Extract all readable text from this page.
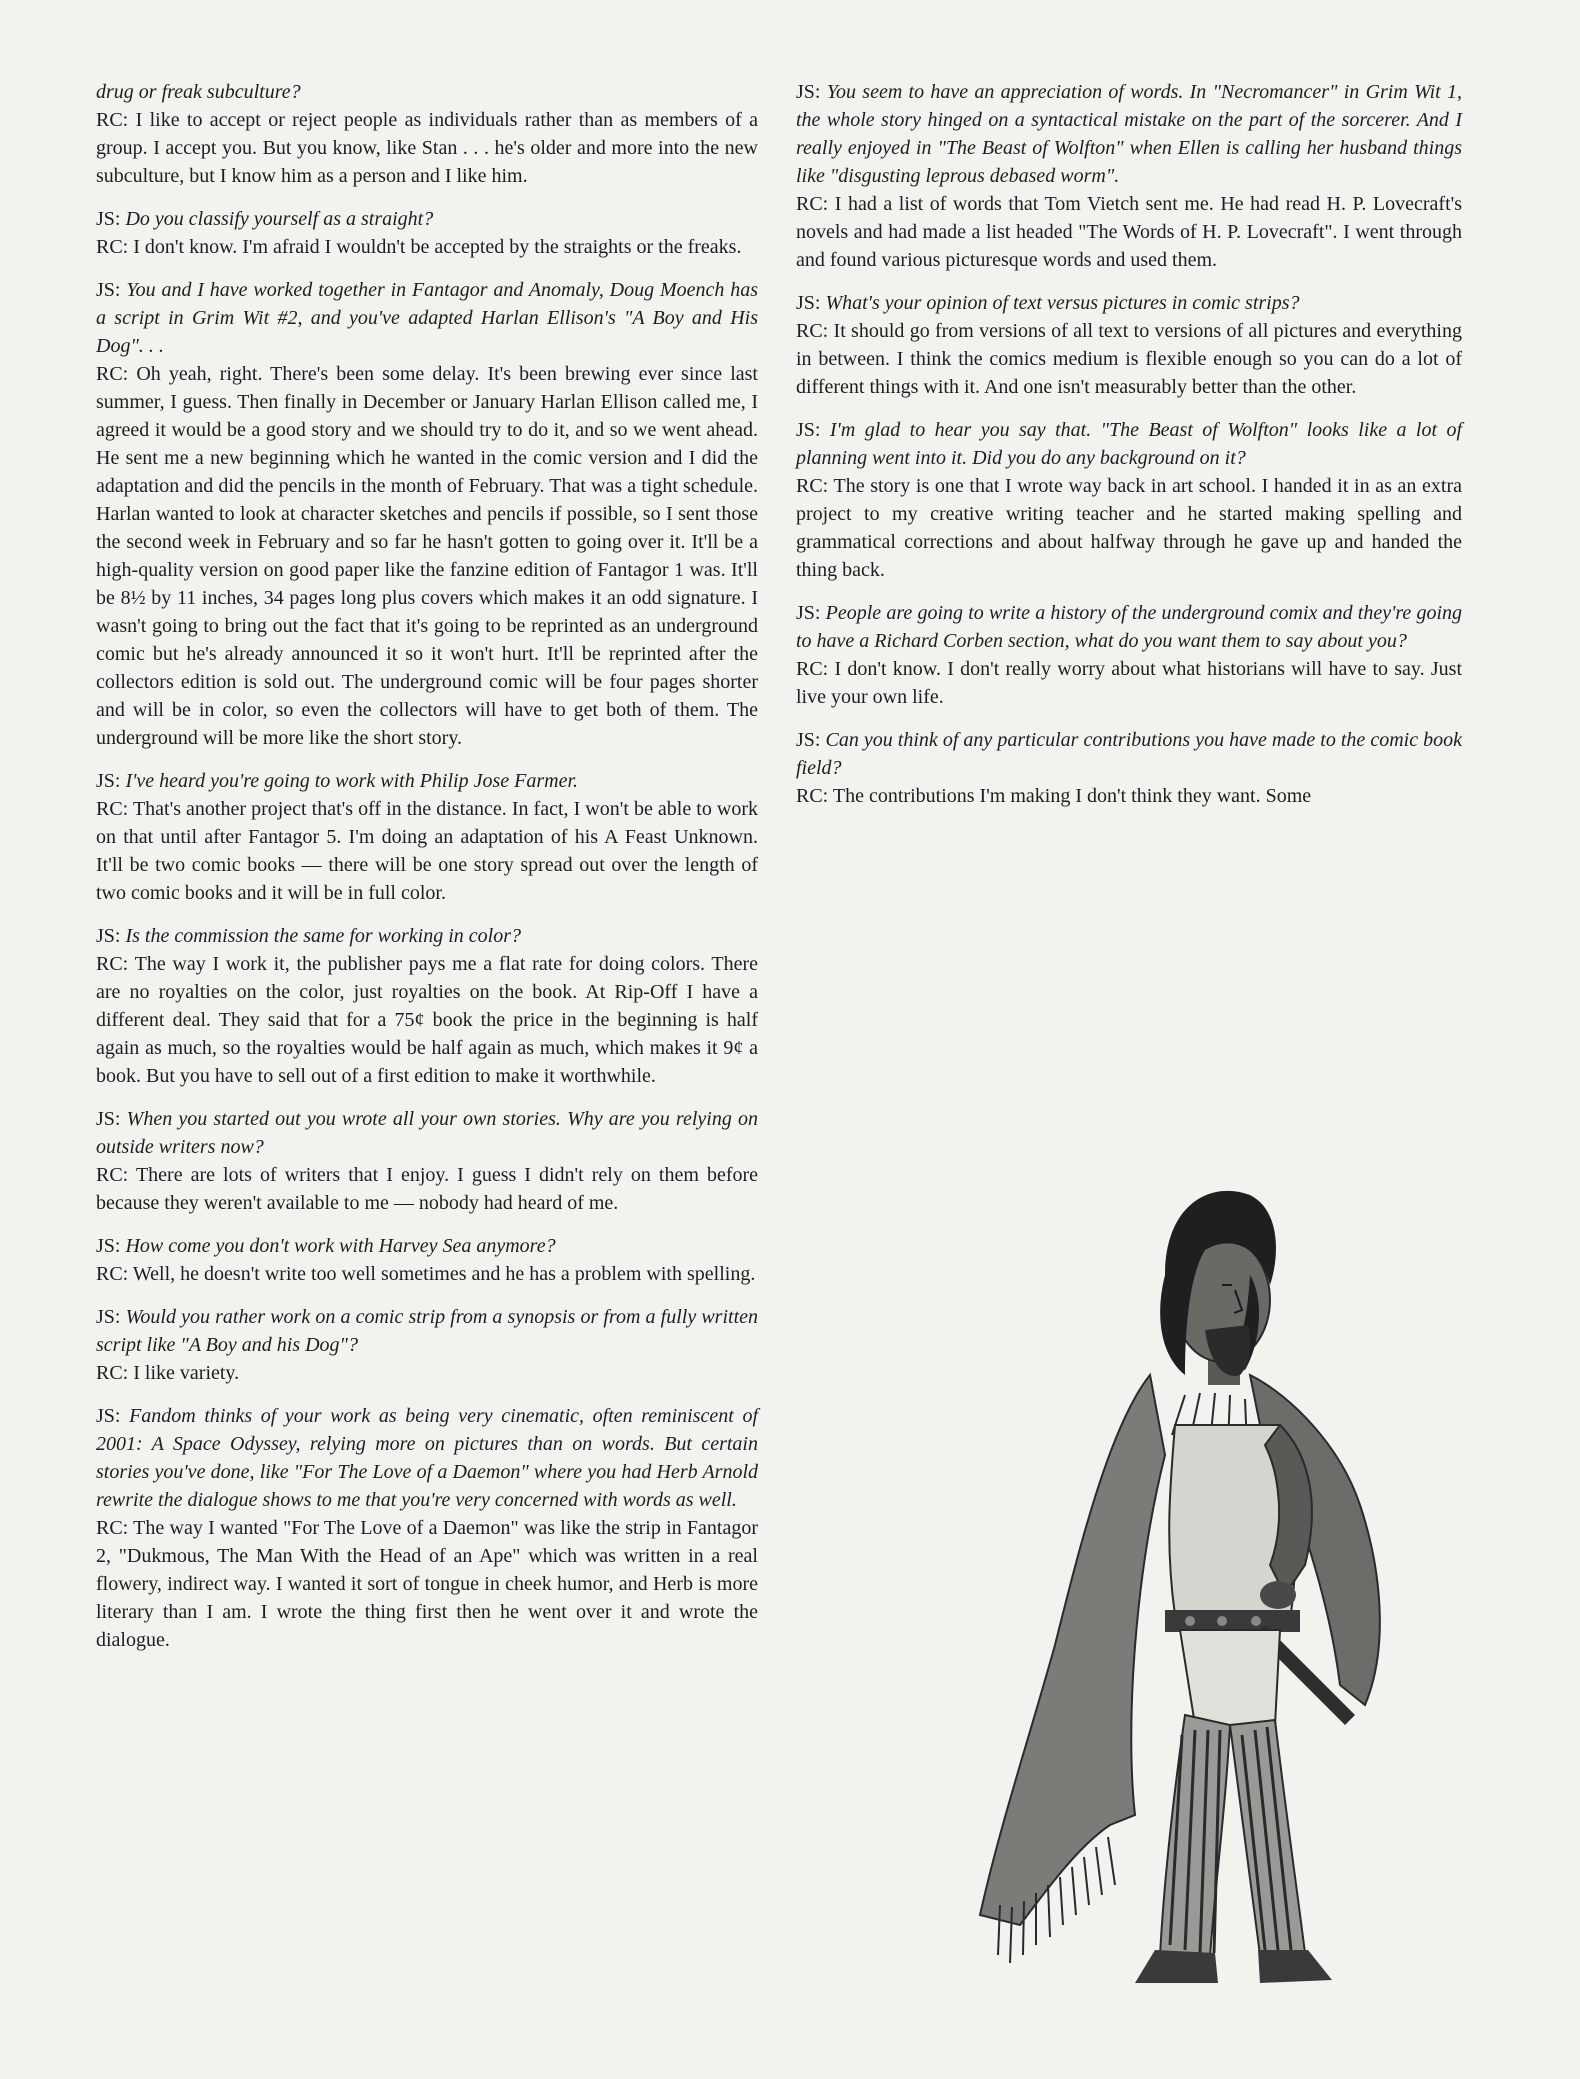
drug or freak subculture?

RC: I like to accept or reject people as individuals rather than as members of a group. I accept you. But you know, like Stan . . . he's older and more into the new subculture, but I know him as a person and I like him.

JS: Do you classify yourself as a straight?

RC: I don't know. I'm afraid I wouldn't be accepted by the straights or the freaks.

JS: You and I have worked together in Fantagor and Anomaly, Doug Moench has a script in Grim Wit #2, and you've adapted Harlan Ellison's "A Boy and His Dog". . .

RC: Oh yeah, right. There's been some delay. It's been brewing ever since last summer, I guess. Then finally in December or January Harlan Ellison called me, I agreed it would be a good story and we should try to do it, and so we went ahead. He sent me a new beginning which he wanted in the comic version and I did the adaptation and did the pencils in the month of February. That was a tight schedule. Harlan wanted to look at character sketches and pencils if possible, so I sent those the second week in February and so far he hasn't gotten to going over it. It'll be a high-quality version on good paper like the fanzine edition of Fantagor 1 was. It'll be 8½ by 11 inches, 34 pages long plus covers which makes it an odd signature. I wasn't going to bring out the fact that it's going to be reprinted as an underground comic but he's already announced it so it won't hurt. It'll be reprinted after the collectors edition is sold out. The underground comic will be four pages shorter and will be in color, so even the collectors will have to get both of them. The underground will be more like the short story.

JS: I've heard you're going to work with Philip Jose Farmer.

RC: That's another project that's off in the distance. In fact, I won't be able to work on that until after Fantagor 5. I'm doing an adaptation of his A Feast Unknown. It'll be two comic books — there will be one story spread out over the length of two comic books and it will be in full color.

JS: Is the commission the same for working in color?

RC: The way I work it, the publisher pays me a flat rate for doing colors. There are no royalties on the color, just royalties on the book. At Rip-Off I have a different deal. They said that for a 75¢ book the price in the beginning is half again as much, so the royalties would be half again as much, which makes it 9¢ a book. But you have to sell out of a first edition to make it worthwhile.

JS: When you started out you wrote all your own stories. Why are you relying on outside writers now?

RC: There are lots of writers that I enjoy. I guess I didn't rely on them before because they weren't available to me — nobody had heard of me.

JS: How come you don't work with Harvey Sea anymore?

RC: Well, he doesn't write too well sometimes and he has a problem with spelling.

JS: Would you rather work on a comic strip from a synopsis or from a fully written script like "A Boy and his Dog"?

RC: I like variety.

JS: Fandom thinks of your work as being very cinematic, often reminiscent of 2001: A Space Odyssey, relying more on pictures than on words. But certain stories you've done, like "For The Love of a Daemon" where you had Herb Arnold rewrite the dialogue shows to me that you're very concerned with words as well.

RC: The way I wanted "For The Love of a Daemon" was like the strip in Fantagor 2, "Dukmous, The Man With the Head of an Ape" which was written in a real flowery, indirect way. I wanted it sort of tongue in cheek humor, and Herb is more literary than I am. I wrote the thing first then he went over it and wrote the dialogue.

JS: You seem to have an appreciation of words. In "Necromancer" in Grim Wit 1, the whole story hinged on a syntactical mistake on the part of the sorcerer. And I really enjoyed in "The Beast of Wolfton" when Ellen is calling her husband things like "disgusting leprous debased worm".

RC: I had a list of words that Tom Vietch sent me. He had read H. P. Lovecraft's novels and had made a list headed "The Words of H. P. Lovecraft". I went through and found various picturesque words and used them.

JS: What's your opinion of text versus pictures in comic strips?

RC: It should go from versions of all text to versions of all pictures and everything in between. I think the comics medium is flexible enough so you can do a lot of different things with it. And one isn't measurably better than the other.

JS: I'm glad to hear you say that. "The Beast of Wolfton" looks like a lot of planning went into it. Did you do any background on it?

RC: The story is one that I wrote way back in art school. I handed it in as an extra project to my creative writing teacher and he started making spelling and grammatical corrections and about halfway through he gave up and handed the thing back.

JS: People are going to write a history of the underground comix and they're going to have a Richard Corben section, what do you want them to say about you?

RC: I don't know. I don't really worry about what historians will have to say. Just live your own life.

JS: Can you think of any particular contributions you have made to the comic book field?

RC: The contributions I'm making I don't think they want. Some
